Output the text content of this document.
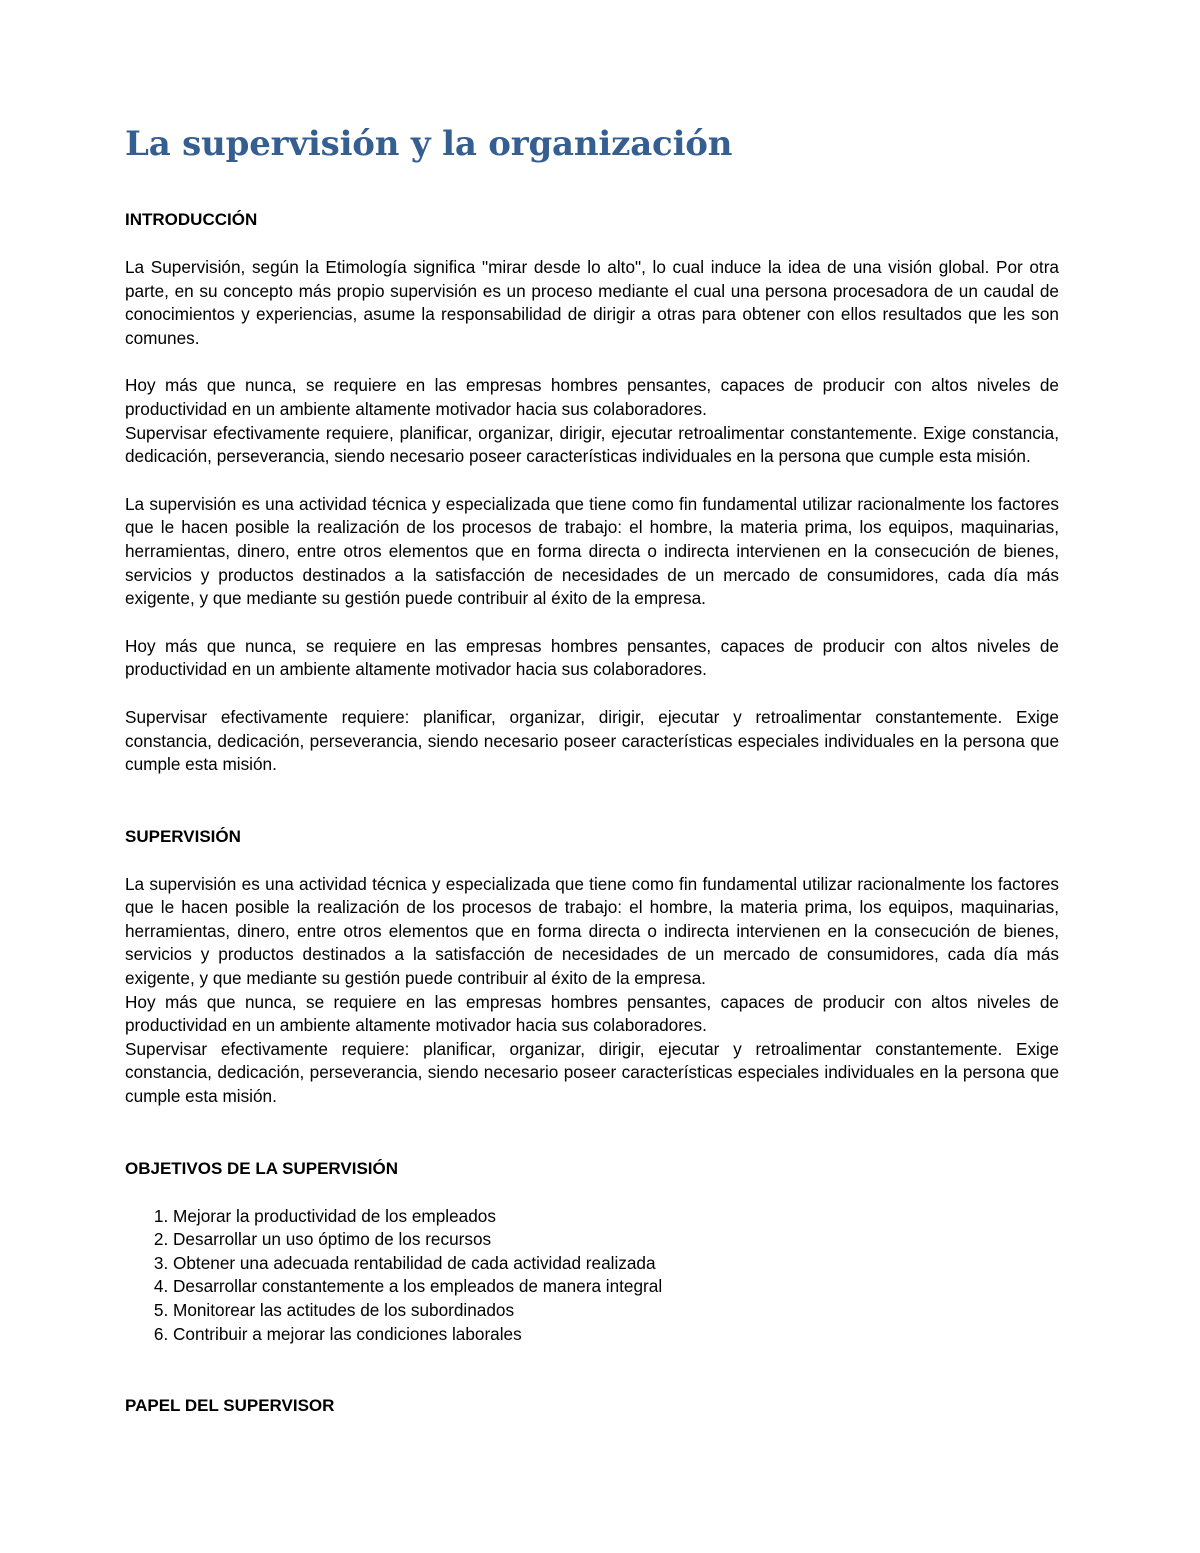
La supervisión y la organización
INTRODUCCIÓN

La Supervisión, según la Etimología significa "mirar desde lo alto", lo cual induce la idea de una visión global. Por otra parte, en su concepto más propio supervisión es un proceso mediante el cual una persona procesadora de un caudal de conocimientos y experiencias, asume la responsabilidad de dirigir a otras para obtener con ellos resultados que les son comunes.

Hoy más que nunca, se requiere en las empresas hombres pensantes, capaces de producir con altos niveles de productividad en un ambiente altamente motivador hacia sus colaboradores.

Supervisar efectivamente requiere, planificar, organizar, dirigir, ejecutar retroalimentar constantemente. Exige constancia, dedicación, perseverancia, siendo necesario poseer características individuales en la persona que cumple esta misión.

La supervisión es una actividad técnica y especializada que tiene como fin fundamental utilizar racionalmente los factores que le hacen posible la realización de los procesos de trabajo: el hombre, la materia prima, los equipos, maquinarias, herramientas, dinero, entre otros elementos que en forma directa o indirecta intervienen en la consecución de bienes, servicios y productos destinados a la satisfacción de necesidades de un mercado de consumidores, cada día más exigente, y que mediante su gestión puede contribuir al éxito de la empresa.

Hoy más que nunca, se requiere en las empresas hombres pensantes, capaces de producir con altos niveles de productividad en un ambiente altamente motivador hacia sus colaboradores.

Supervisar efectivamente requiere: planificar, organizar, dirigir, ejecutar y retroalimentar constantemente. Exige constancia, dedicación, perseverancia, siendo necesario poseer características especiales individuales en la persona que cumple esta misión.

SUPERVISIÓN

La supervisión es una actividad técnica y especializada que tiene como fin fundamental utilizar racionalmente los factores que le hacen posible la realización de los procesos de trabajo: el hombre, la materia prima, los equipos, maquinarias, herramientas, dinero, entre otros elementos que en forma directa o indirecta intervienen en la consecución de bienes, servicios y productos destinados a la satisfacción de necesidades de un mercado de consumidores, cada día más exigente, y que mediante su gestión puede contribuir al éxito de la empresa.

Hoy más que nunca, se requiere en las empresas hombres pensantes, capaces de producir con altos niveles de productividad en un ambiente altamente motivador hacia sus colaboradores.

Supervisar efectivamente requiere: planificar, organizar, dirigir, ejecutar y retroalimentar constantemente. Exige constancia, dedicación, perseverancia, siendo necesario poseer características especiales individuales en la persona que cumple esta misión.

OBJETIVOS DE LA SUPERVISIÓN
1. Mejorar la productividad de los empleados
2. Desarrollar un uso óptimo de los recursos
3. Obtener una adecuada rentabilidad de cada actividad realizada
4. Desarrollar constantemente a los empleados de manera integral
5. Monitorear las actitudes de los subordinados
6. Contribuir a mejorar las condiciones laborales
PAPEL DEL SUPERVISOR
